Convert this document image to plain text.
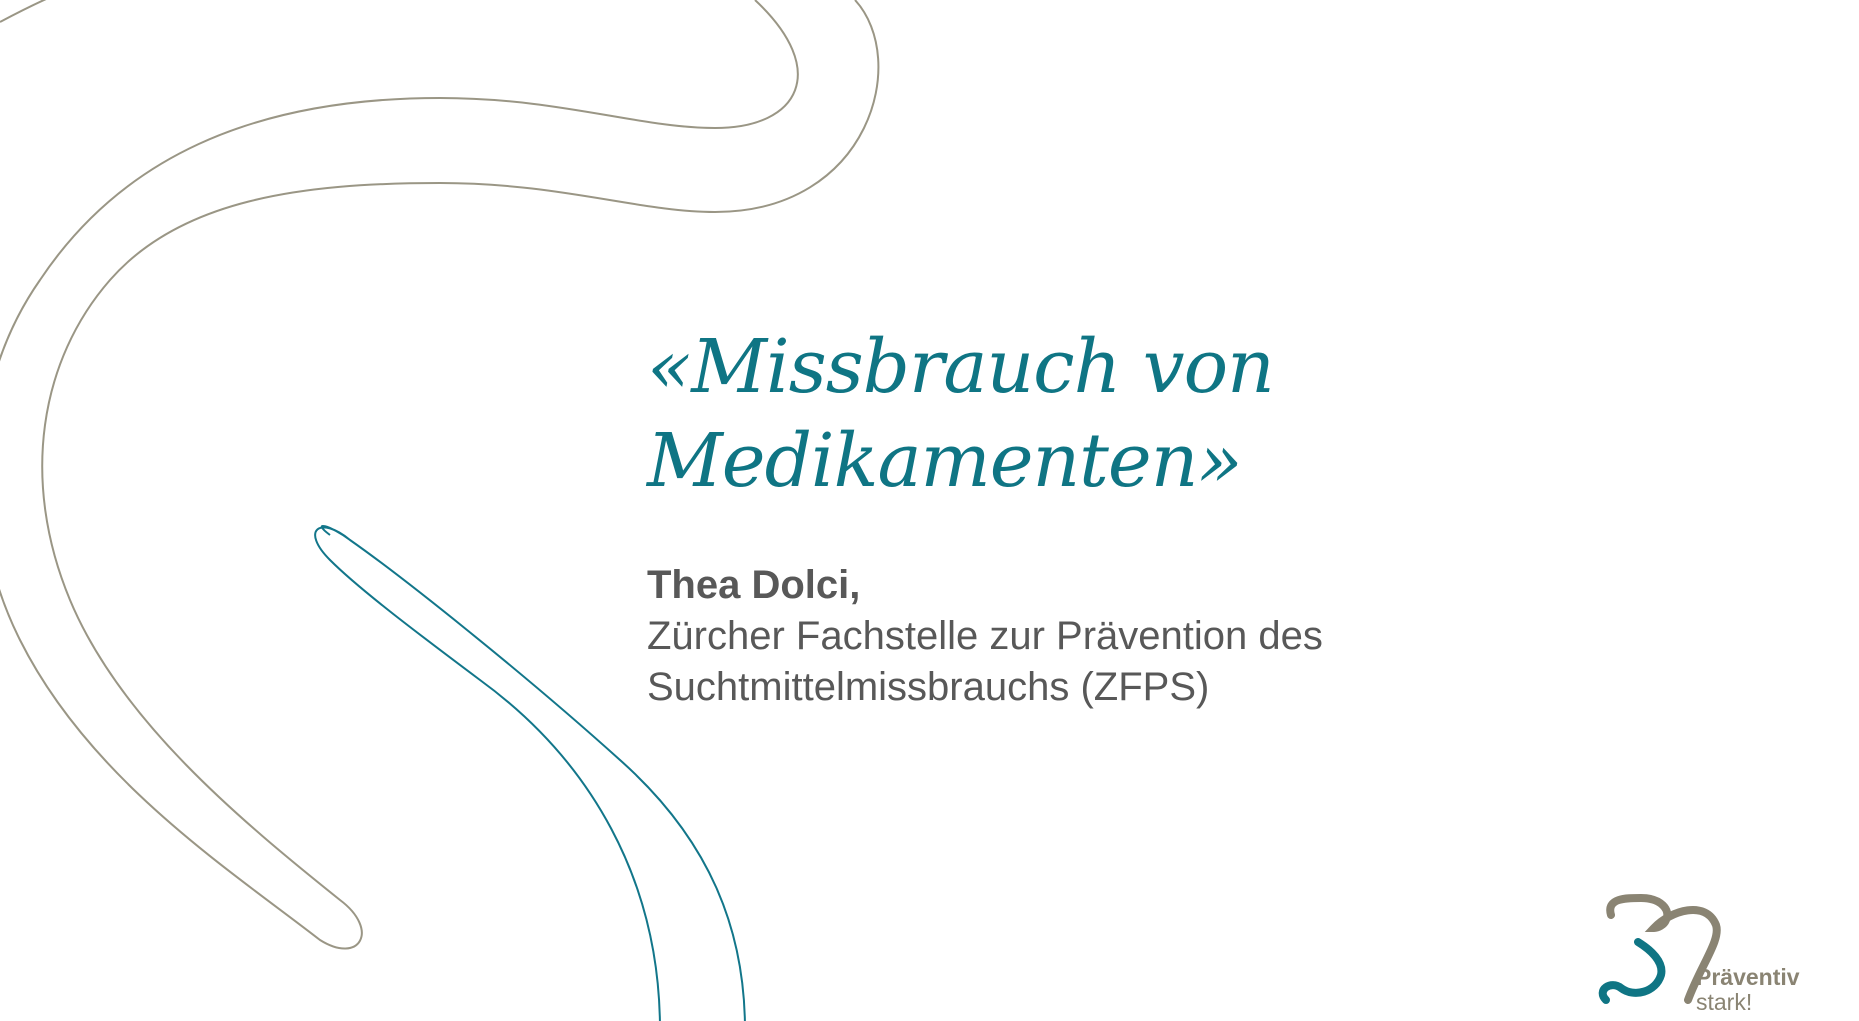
«Missbrauch von
Medikamenten»
Thea Dolci,
Zürcher Fachstelle zur Prävention des
Suchtmittelmissbrauchs (ZFPS)
Präventiv
stark!
